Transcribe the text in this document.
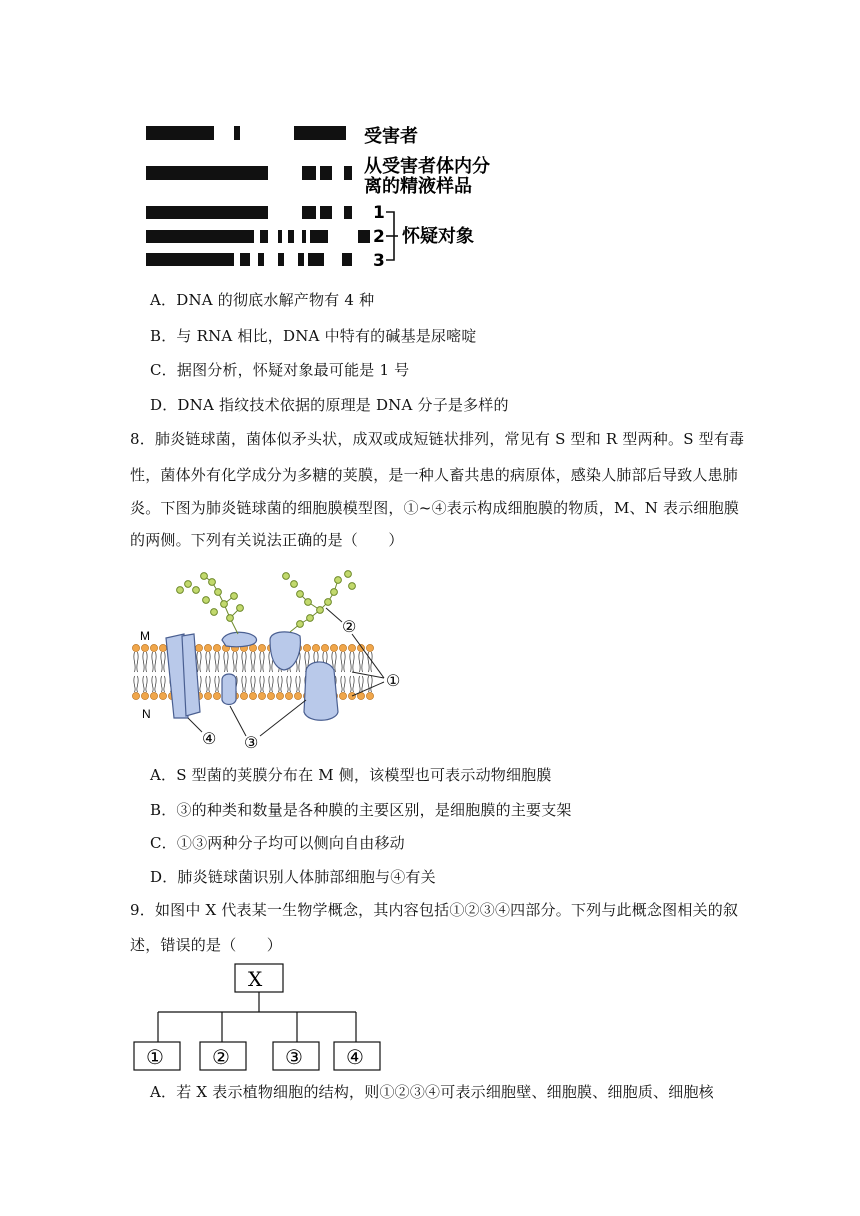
受害者
从受害者体内分
离的精液样品
1
2
3
怀疑对象
A．DNA 的彻底水解产物有 4 种
B．与 RNA 相比，DNA 中特有的碱基是尿嘧啶
C．据图分析，怀疑对象最可能是 1 号
D．DNA 指纹技术依据的原理是 DNA 分子是多样的
8．肺炎链球菌，菌体似矛头状，成双或成短链状排列，常见有 S 型和 R 型两种。S 型有毒
性，菌体外有化学成分为多糖的荚膜，是一种人畜共患的病原体，感染人肺部后导致人患肺
炎。下图为肺炎链球菌的细胞膜模型图，①~④表示构成细胞膜的物质，M、N 表示细胞膜
的两侧。下列有关说法正确的是（　　）
M
N
②
①
④ ③
A．S 型菌的荚膜分布在 M 侧，该模型也可表示动物细胞膜
B．③的种类和数量是各种膜的主要区别，是细胞膜的主要支架
C．①③两种分子均可以侧向自由移动
D．肺炎链球菌识别人体肺部细胞与④有关
9．如图中 X 代表某一生物学概念，其内容包括①②③④四部分。下列与此概念图相关的叙
述，错误的是（　　）
X
① ②	③ ④
A．若 X 表示植物细胞的结构，则①②③④可表示细胞壁、细胞膜、细胞质、细胞核
